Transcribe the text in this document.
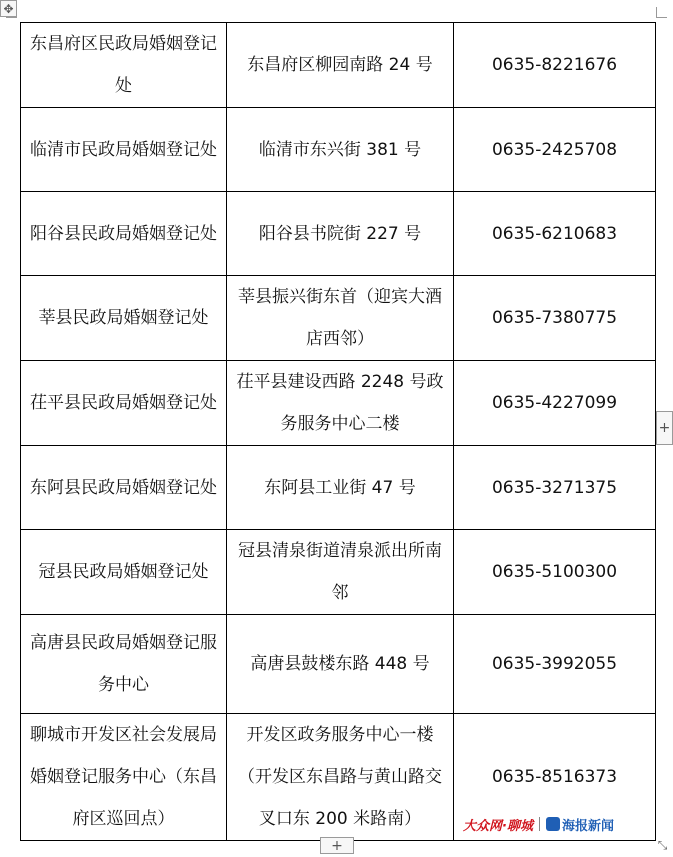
✥
东昌府区民政局婚姻登记处	东昌府区柳园南路 24 号	0635-8221676
临清市民政局婚姻登记处	临清市东兴街 381 号	0635-2425708
阳谷县民政局婚姻登记处	阳谷县书院街 227 号	0635-6210683
莘县民政局婚姻登记处	莘县振兴街东首（迎宾大酒店西邻）	0635-7380775
茌平县民政局婚姻登记处	茌平县建设西路 2248 号政务服务中心二楼	0635-4227099
东阿县民政局婚姻登记处	东阿县工业街 47 号	0635-3271375
冠县民政局婚姻登记处	冠县清泉街道清泉派出所南邻	0635-5100300
高唐县民政局婚姻登记服务中心	高唐县鼓楼东路 448 号	0635-3992055
聊城市开发区社会发展局婚姻登记服务中心（东昌府区巡回点）	开发区政务服务中心一楼（开发区东昌路与黄山路交叉口东 200 米路南）	0635-8516373
大众网·聊城 海报新闻
+
+	⤡
